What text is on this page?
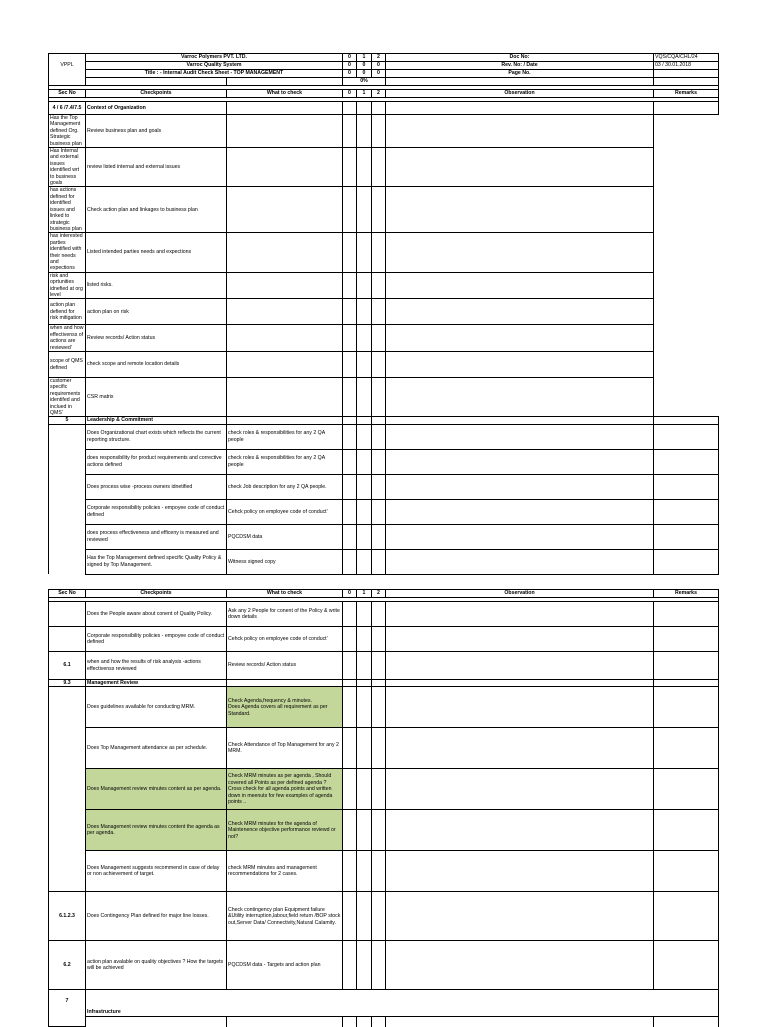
	Varroc Polymers PVT. LTD.		0	1	2	Doc No:	VQS/CQA/CHL/24
VPPL	Varroc Quality System		0	0	0	Rev. No: / Date	03 / 30.01.2018
	Title : - Internal Audit Check Sheet - TOP MANAGEMENT		0	0	0	Page No.	
			0%				

Sec No	Checkpoints	What to check	0	1	2	Observation	Remarks

4 / 6 /7.4/7.5	Context of Organization						
Has the Top Management defined Org. Strategic business plan	Review business plan and goals						
Has Internal and external issues identified wrt to business goals	review listed internal and external issues						
has actions defined for identified issues and linked to strategic business plan	Check action plan and linkages to business plan						
has interested parties identified with their needs and expections	Listed intended parties needs and expections						
risk and oprtunities idnefied at org level	listed risks.						
action plan defiend for risk mitigation	action plan on risk						
when and how effectivenss of actions are reviewed'	Review records/ Action status						
scope of QMS defined	check scope and remote location details						
customer specific requirements identifed and inclued in QMS'	CSR matrix						
5	Leadership & Commitment						
	Does Organizational chart exists which reflects the current reporting structure.	check roles & responsibilities for any 2 QA people					
	does responsibility for product requirements and corrective actions defined	check roles & responsibilities for any 2 QA people					
	Does process wise -process owners idnetified	check Job description for any 2 QA people.					
	Corporate responsibility policies - empoyee code of conduct defined	Cehck policy on employee code of conduct'					
	does process effectiveness and efficeny is measured and reviewed	PQCDSM data					
	Has the Top Management defined specific Quality Policy & signed by Top Management.	Witness signed copy					
Sec No	Checkpoints	What to check	0	1	2	Observation	Remarks

	Does the People aware about conent of Quality Policy.	Ask any 2 People for conent of the Policy & write down details					
	Corporate responsibility policies - empoyee code of conduct defined	Cehck policy on employee code of conduct'					
6.1	when and how the results of risk analysis -actions effectivenss reviewed	Review records/ Action status					
9.3	Management Review						
	Does guidelines available for conducting MRM.	Check Agenda,frequency & minutes.
Does Agenda covers all requirement as per Standard.					
	Does Top Management attendance as per schedule.	Check Attendance of Top Management for any 2 MRM.					
	Does Management review minutes content as per agenda.	Check MRM minutes as per agenda , Should covered all Points as per defined agenda ? Cross check for all agenda points and written down in meenuts for few examples of agenda points ..					
	Does Management review minutes content the agenda as per agenda.	Check MRM minutes for the agenda of Maintenence objective performance reviewd or not?					
	Does Management suggests recommend in case of delay or non achievement of target.	check MRM minutes and management recommendations for 2 cases.					
6.1.2.3	Does Contingency Plan defined for major line losses.	Check contingency plan Equipment failure &Utility interruption,labour,field return /BOP stock out,Server Data/ Connectivity,Natural Calamity.					
6.2	action plan avalable on quality objectives ? How the targets will be achieved	PQCDSM data - Targets and action plan					
7	Infrastructure						
